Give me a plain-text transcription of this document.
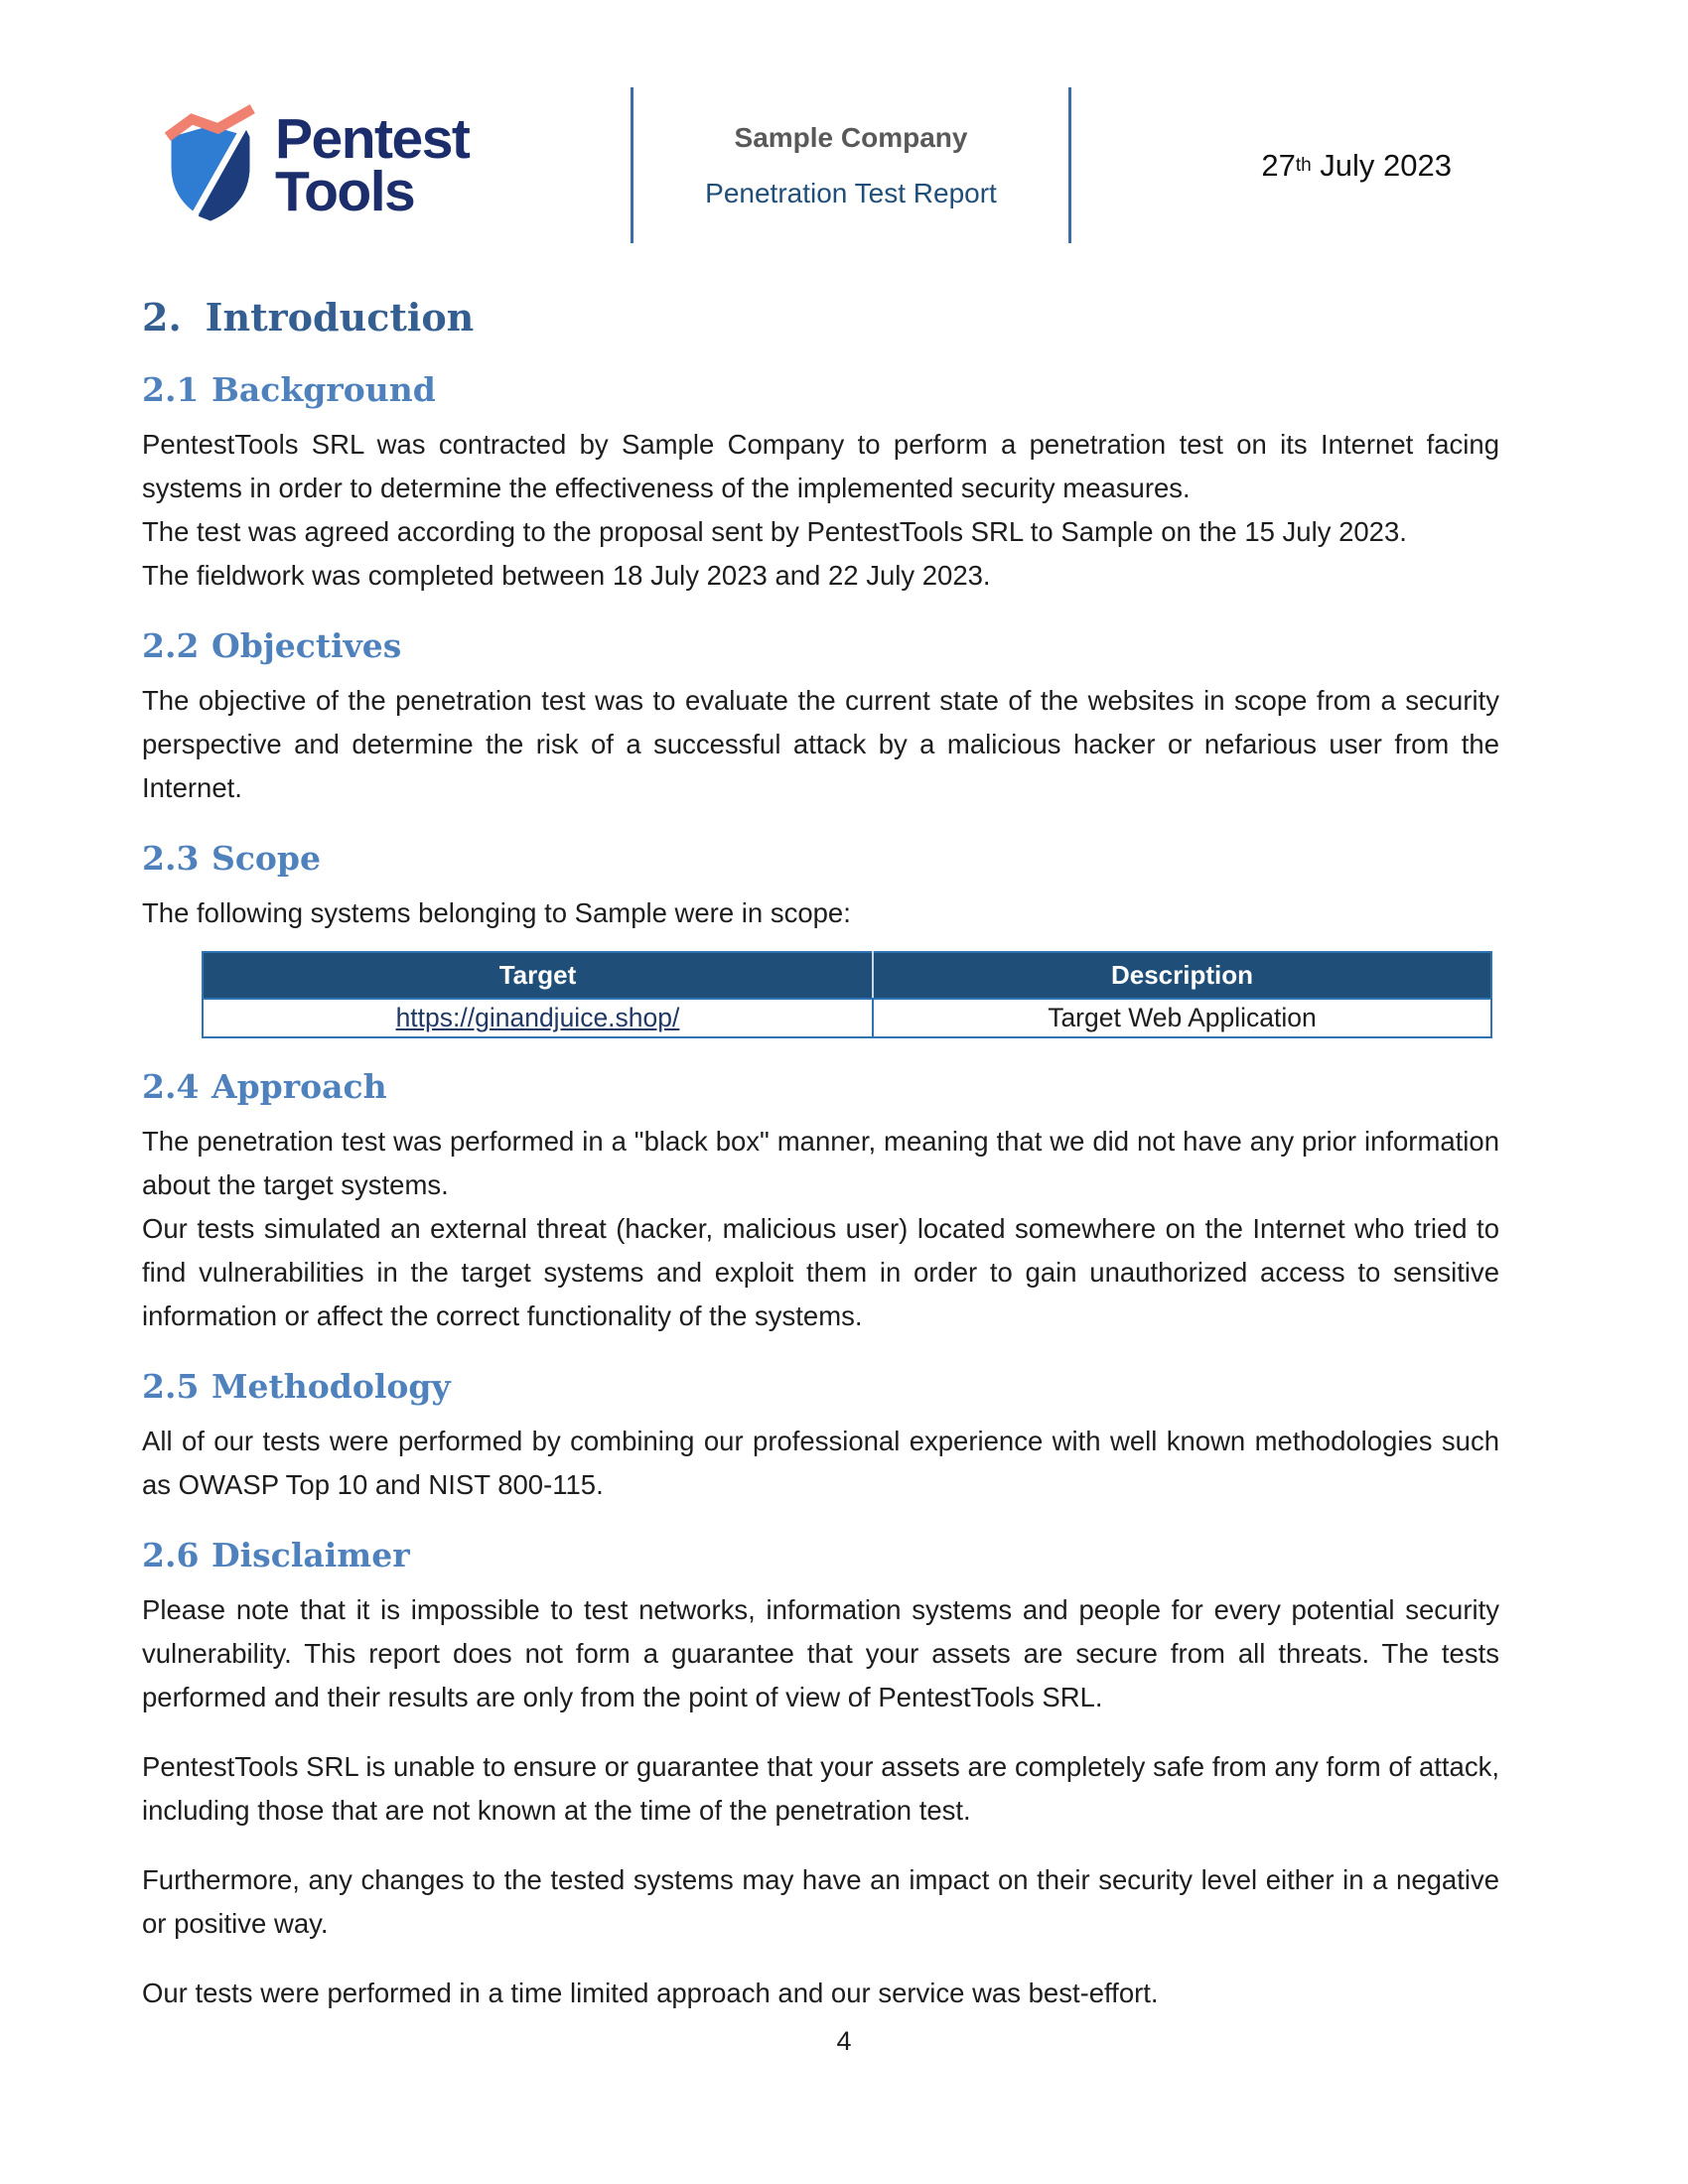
Pentest
Tools
Sample Company
Penetration Test Report
27 th July 2023
2. Introduction
2.1 Background

PentestTools SRL was contracted by Sample Company to perform a penetration test on its Internet facing systems in order to determine the effectiveness of the implemented security measures.

The test was agreed according to the proposal sent by PentestTools SRL to Sample on the 15 July 2023.

The fieldwork was completed between 18 July 2023 and 22 July 2023.

2.2 Objectives

The objective of the penetration test was to evaluate the current state of the websites in scope from a security perspective and determine the risk of a successful attack by a malicious hacker or nefarious user from the Internet.

2.3 Scope

The following systems belonging to Sample were in scope:

Target	Description
https://ginandjuice.shop/	Target Web Application
2.4 Approach

The penetration test was performed in a "black box" manner, meaning that we did not have any prior information about the target systems.

Our tests simulated an external threat (hacker, malicious user) located somewhere on the Internet who tried to find vulnerabilities in the target systems and exploit them in order to gain unauthorized access to sensitive information or affect the correct functionality of the systems.

2.5 Methodology

All of our tests were performed by combining our professional experience with well known methodologies such as OWASP Top 10 and NIST 800-115.

2.6 Disclaimer

Please note that it is impossible to test networks, information systems and people for every potential security vulnerability. This report does not form a guarantee that your assets are secure from all threats. The tests performed and their results are only from the point of view of PentestTools SRL.

PentestTools SRL is unable to ensure or guarantee that your assets are completely safe from any form of attack, including those that are not known at the time of the penetration test.

Furthermore, any changes to the tested systems may have an impact on their security level either in a negative or positive way.

Our tests were performed in a time limited approach and our service was best-effort.

4
